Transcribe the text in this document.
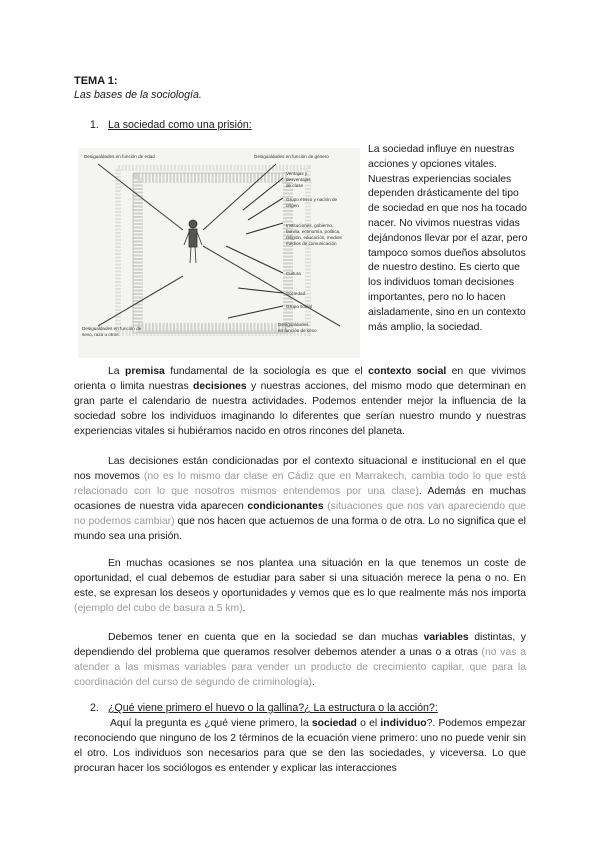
TEMA 1:
Las bases de la sociología.
1. La sociedad como una prisión:
Desigualdades en función de edad	Desigualdades en función de género
Ventajas y
desventajas
de clase
Grupo étnico y nación de
origen
Instituciones, gobierno,
familia, economía, política,
religión, educación, medios
medios de comunicación
Cultura
Sociedad
Grupo social
Desigualdades en función de
sexo, raza u otros
Desigualdades
en función de sexo
La sociedad influye en nuestras acciones y opciones vitales. Nuestras experiencias sociales dependen drásticamente del tipo de sociedad en que nos ha tocado nacer. No vivimos nuestras vidas dejándonos llevar por el azar, pero tampoco somos dueños absolutos de nuestro destino. Es cierto que los individuos toman decisiones importantes, pero no lo hacen aisladamente, sino en un contexto más amplio, la sociedad.
La premisa fundamental de la sociología es que el contexto social en que vivimos orienta o limita nuestras decisiones y nuestras acciones, del mismo modo que determinan en gran parte el calendario de nuestra actividades. Podemos entender mejor la influencia de la sociedad sobre los individuos imaginando lo diferentes que serían nuestro mundo y nuestras experiencias vitales si hubiéramos nacido en otros rincones del planeta.
Las decisiones están condicionadas por el contexto situacional e institucional en el que nos movemos (no es lo mismo dar clase en Cádiz que en Marrakech, cambia todo lo que está relacionado con lo que nosotros mismos entendemos por una clase). Además en muchas ocasiones de nuestra vida aparecen condicionantes (situaciones que nos van apareciendo que no podemos cambiar) que nos hacen que actuemos de una forma o de otra. Lo no significa que el mundo sea una prisión.
En muchas ocasiones se nos plantea una situación en la que tenemos un coste de oportunidad, el cual debemos de estudiar para saber si una situación merece la pena o no. En este, se expresan los deseos y oportunidades y vemos que es lo que realmente más nos importa (ejemplo del cubo de basura a 5 km).
Debemos tener en cuenta que en la sociedad se dan muchas variables distintas, y dependiendo del problema que queramos resolver debemos atender a unas o a otras (no vas a atender a las mismas variables para vender un producto de crecimiento capilar, que para la coordinación del curso de segundo de criminología).
2. ¿Qué viene primero el huevo o la gallina?¿ La estructura o la acción?:
Aquí la pregunta es ¿qué viene primero, la sociedad o el individuo?. Podemos empezar reconociendo que ninguno de los 2 términos de la ecuación viene primero: uno no puede venir sin el otro. Los individuos son necesarios para que se den las sociedades, y viceversa. Lo que procuran hacer los sociólogos es entender y explicar las interacciones
